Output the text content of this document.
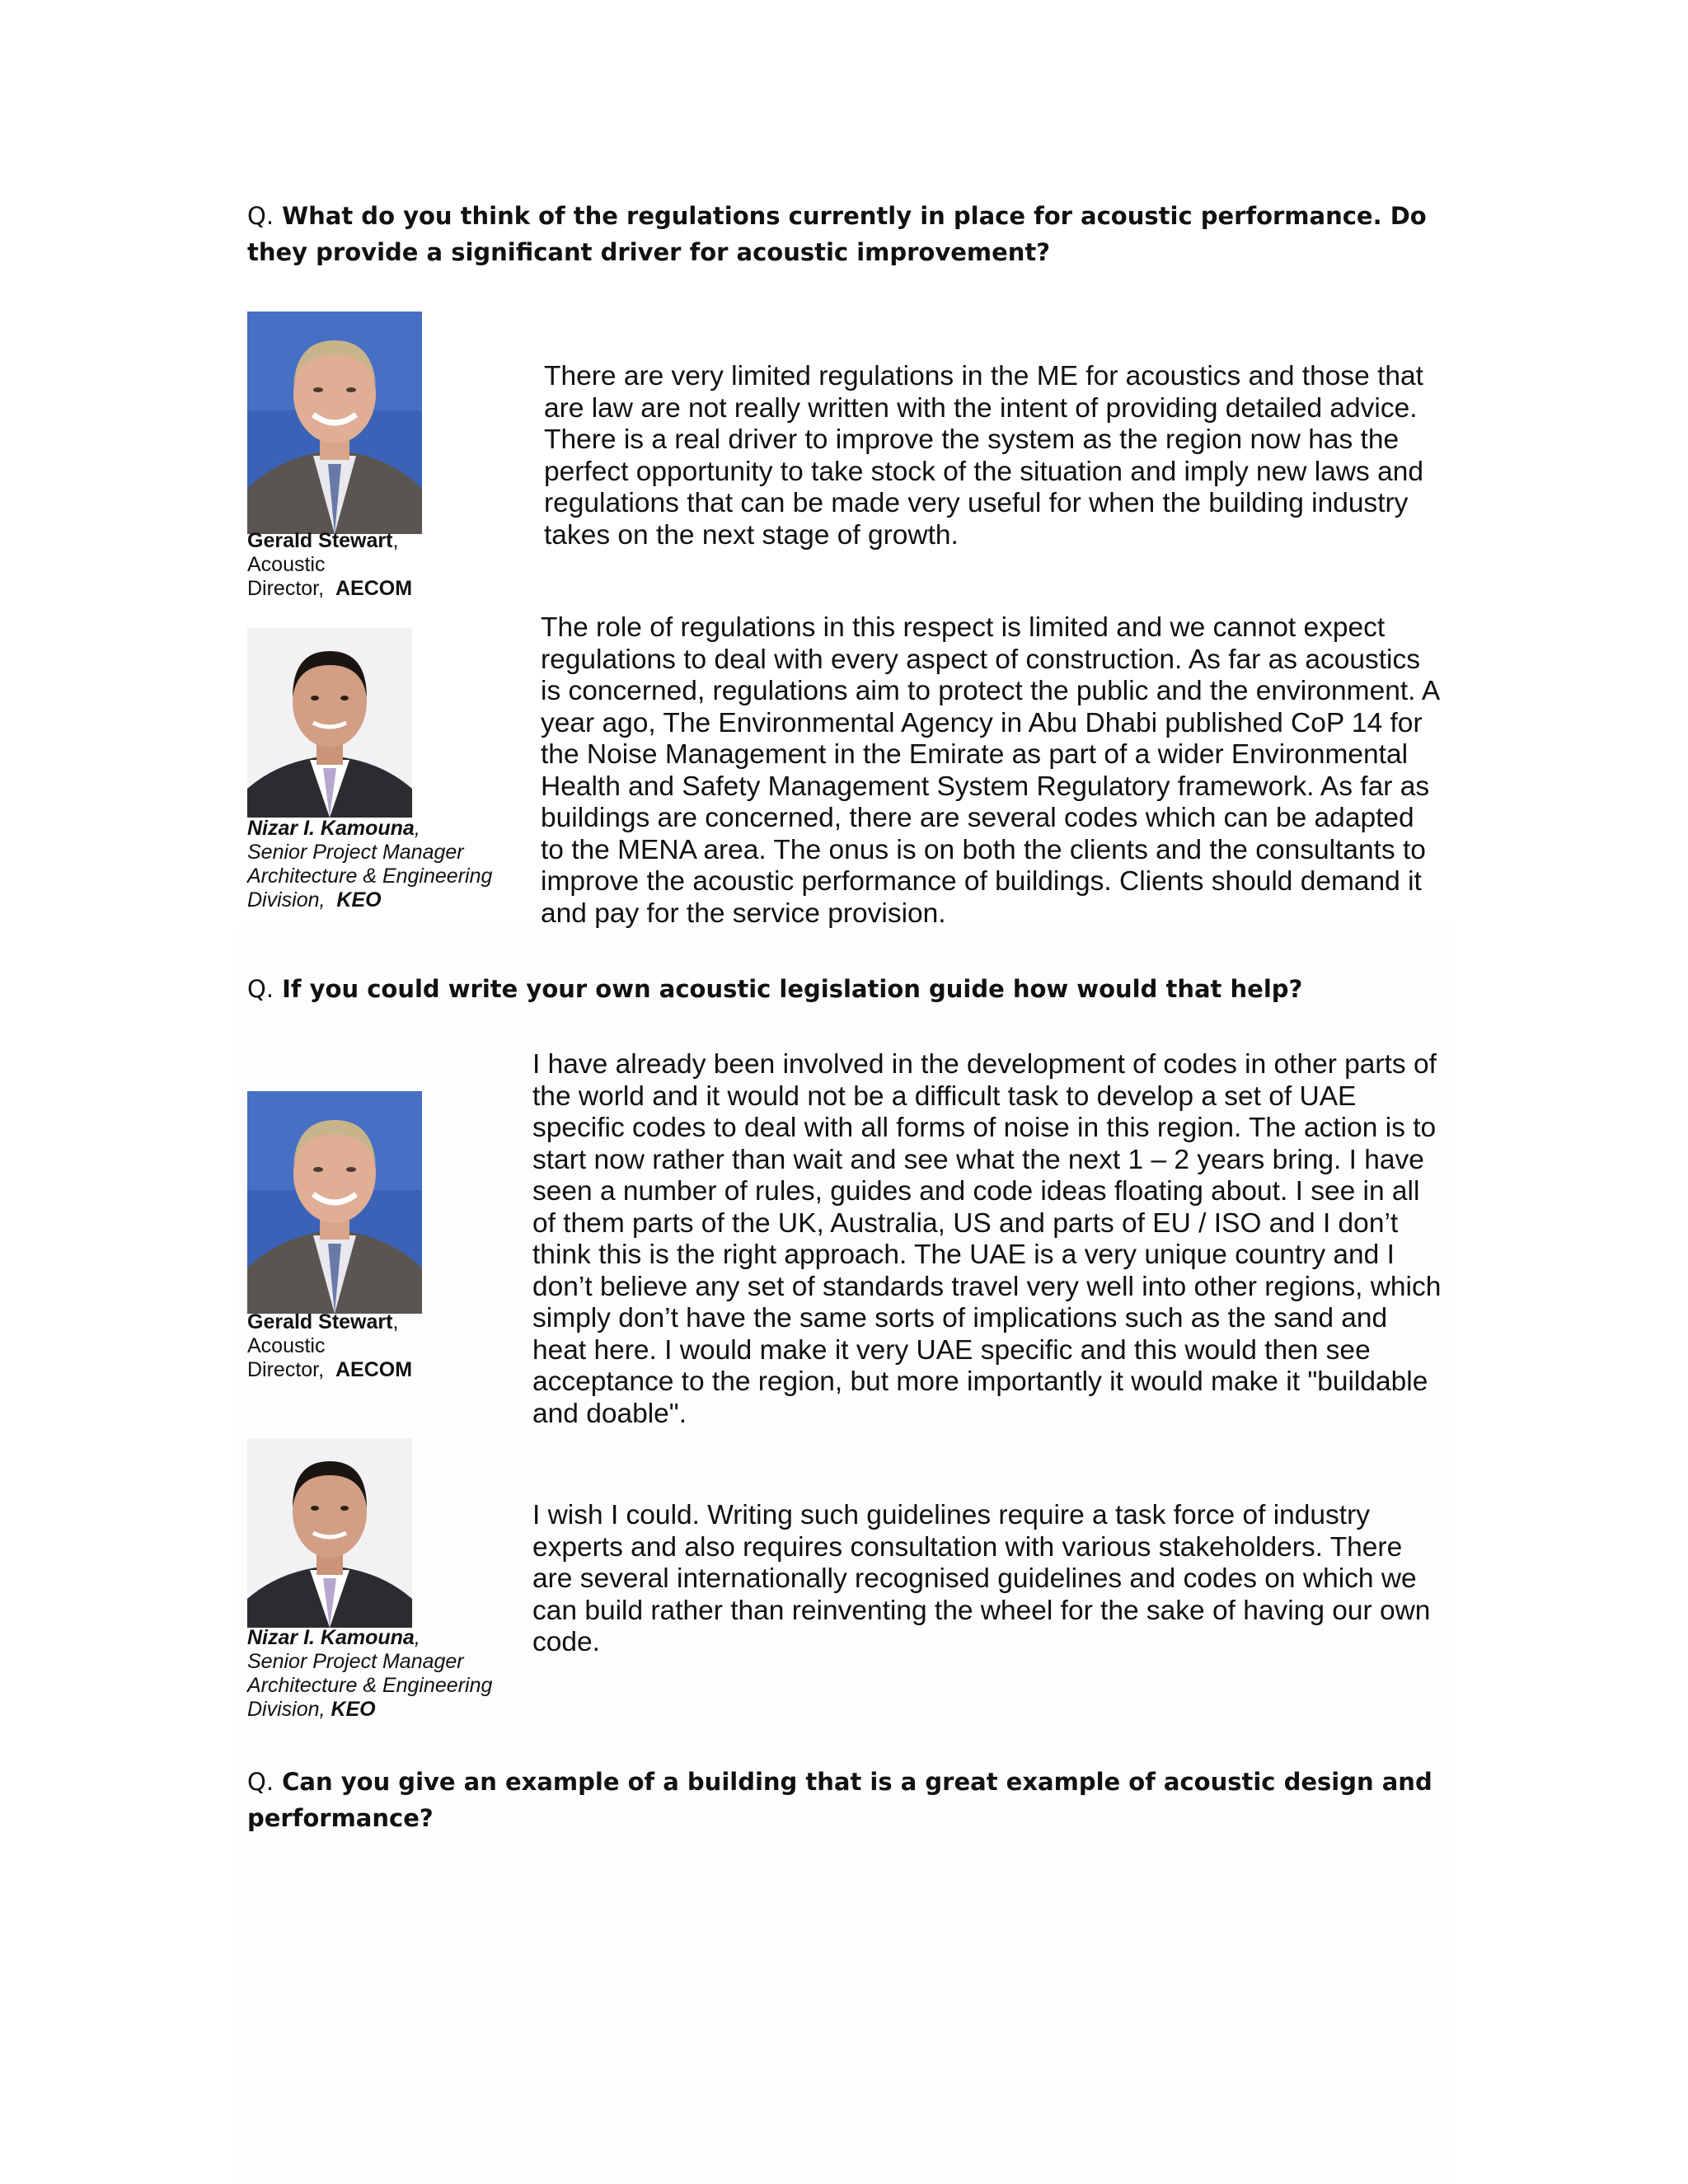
Q. What do you think of the regulations currently in place for acoustic performance. Do they provide a significant driver for acoustic improvement?
Gerald Stewart,
Acoustic
Director, AECOM
There are very limited regulations in the ME for acoustics and those that are law are not really written with the intent of providing detailed advice. There is a real driver to improve the system as the region now has the perfect opportunity to take stock of the situation and imply new laws and regulations that can be made very useful for when the building industry takes on the next stage of growth.
Nizar I. Kamouna,
Senior Project Manager
Architecture & Engineering
Division, KEO
The role of regulations in this respect is limited and we cannot expect regulations to deal with every aspect of construction. As far as acoustics is concerned, regulations aim to protect the public and the environment. A year ago, The Environmental Agency in Abu Dhabi published CoP 14 for the Noise Management in the Emirate as part of a wider Environmental Health and Safety Management System Regulatory framework. As far as buildings are concerned, there are several codes which can be adapted to the MENA area. The onus is on both the clients and the consultants to improve the acoustic performance of buildings. Clients should demand it and pay for the service provision.
Q. If you could write your own acoustic legislation guide how would that help?
Gerald Stewart,
Acoustic
Director, AECOM
I have already been involved in the development of codes in other parts of the world and it would not be a difficult task to develop a set of UAE specific codes to deal with all forms of noise in this region. The action is to start now rather than wait and see what the next 1 – 2 years bring. I have seen a number of rules, guides and code ideas floating about. I see in all of them parts of the UK, Australia, US and parts of EU / ISO and I don’t think this is the right approach. The UAE is a very unique country and I don’t believe any set of standards travel very well into other regions, which simply don’t have the same sorts of implications such as the sand and heat here. I would make it very UAE specific and this would then see acceptance to the region, but more importantly it would make it "buildable and doable".
Nizar I. Kamouna,
Senior Project Manager
Architecture & Engineering
Division, KEO
I wish I could. Writing such guidelines require a task force of industry experts and also requires consultation with various stakeholders. There are several internationally recognised guidelines and codes on which we can build rather than reinventing the wheel for the sake of having our own code.
Q. Can you give an example of a building that is a great example of acoustic design and performance?
